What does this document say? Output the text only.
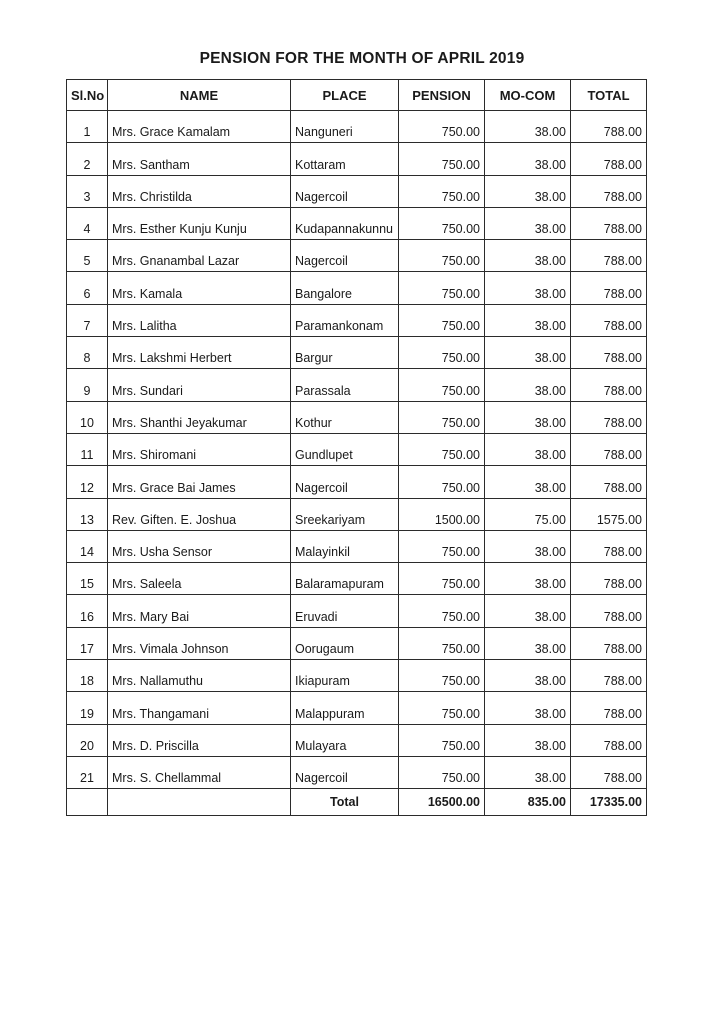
PENSION FOR THE MONTH OF APRIL 2019
Sl.No	NAME	PLACE	PENSION	MO-COM	TOTAL
1	Mrs. Grace Kamalam	Nanguneri	750.00	38.00	788.00
2	Mrs. Santham	Kottaram	750.00	38.00	788.00
3	Mrs. Christilda	Nagercoil	750.00	38.00	788.00
4	Mrs. Esther Kunju Kunju	Kudapannakunnu	750.00	38.00	788.00
5	Mrs. Gnanambal Lazar	Nagercoil	750.00	38.00	788.00
6	Mrs. Kamala	Bangalore	750.00	38.00	788.00
7	Mrs. Lalitha	Paramankonam	750.00	38.00	788.00
8	Mrs. Lakshmi Herbert	Bargur	750.00	38.00	788.00
9	Mrs. Sundari	Parassala	750.00	38.00	788.00
10	Mrs. Shanthi Jeyakumar	Kothur	750.00	38.00	788.00
11	Mrs. Shiromani	Gundlupet	750.00	38.00	788.00
12	Mrs. Grace Bai James	Nagercoil	750.00	38.00	788.00
13	Rev. Giften. E. Joshua	Sreekariyam	1500.00	75.00	1575.00
14	Mrs. Usha Sensor	Malayinkil	750.00	38.00	788.00
15	Mrs. Saleela	Balaramapuram	750.00	38.00	788.00
16	Mrs. Mary Bai	Eruvadi	750.00	38.00	788.00
17	Mrs. Vimala Johnson	Oorugaum	750.00	38.00	788.00
18	Mrs. Nallamuthu	Ikiapuram	750.00	38.00	788.00
19	Mrs. Thangamani	Malappuram	750.00	38.00	788.00
20	Mrs. D. Priscilla	Mulayara	750.00	38.00	788.00
21	Mrs. S. Chellammal	Nagercoil	750.00	38.00	788.00
		Total	16500.00	835.00	17335.00
